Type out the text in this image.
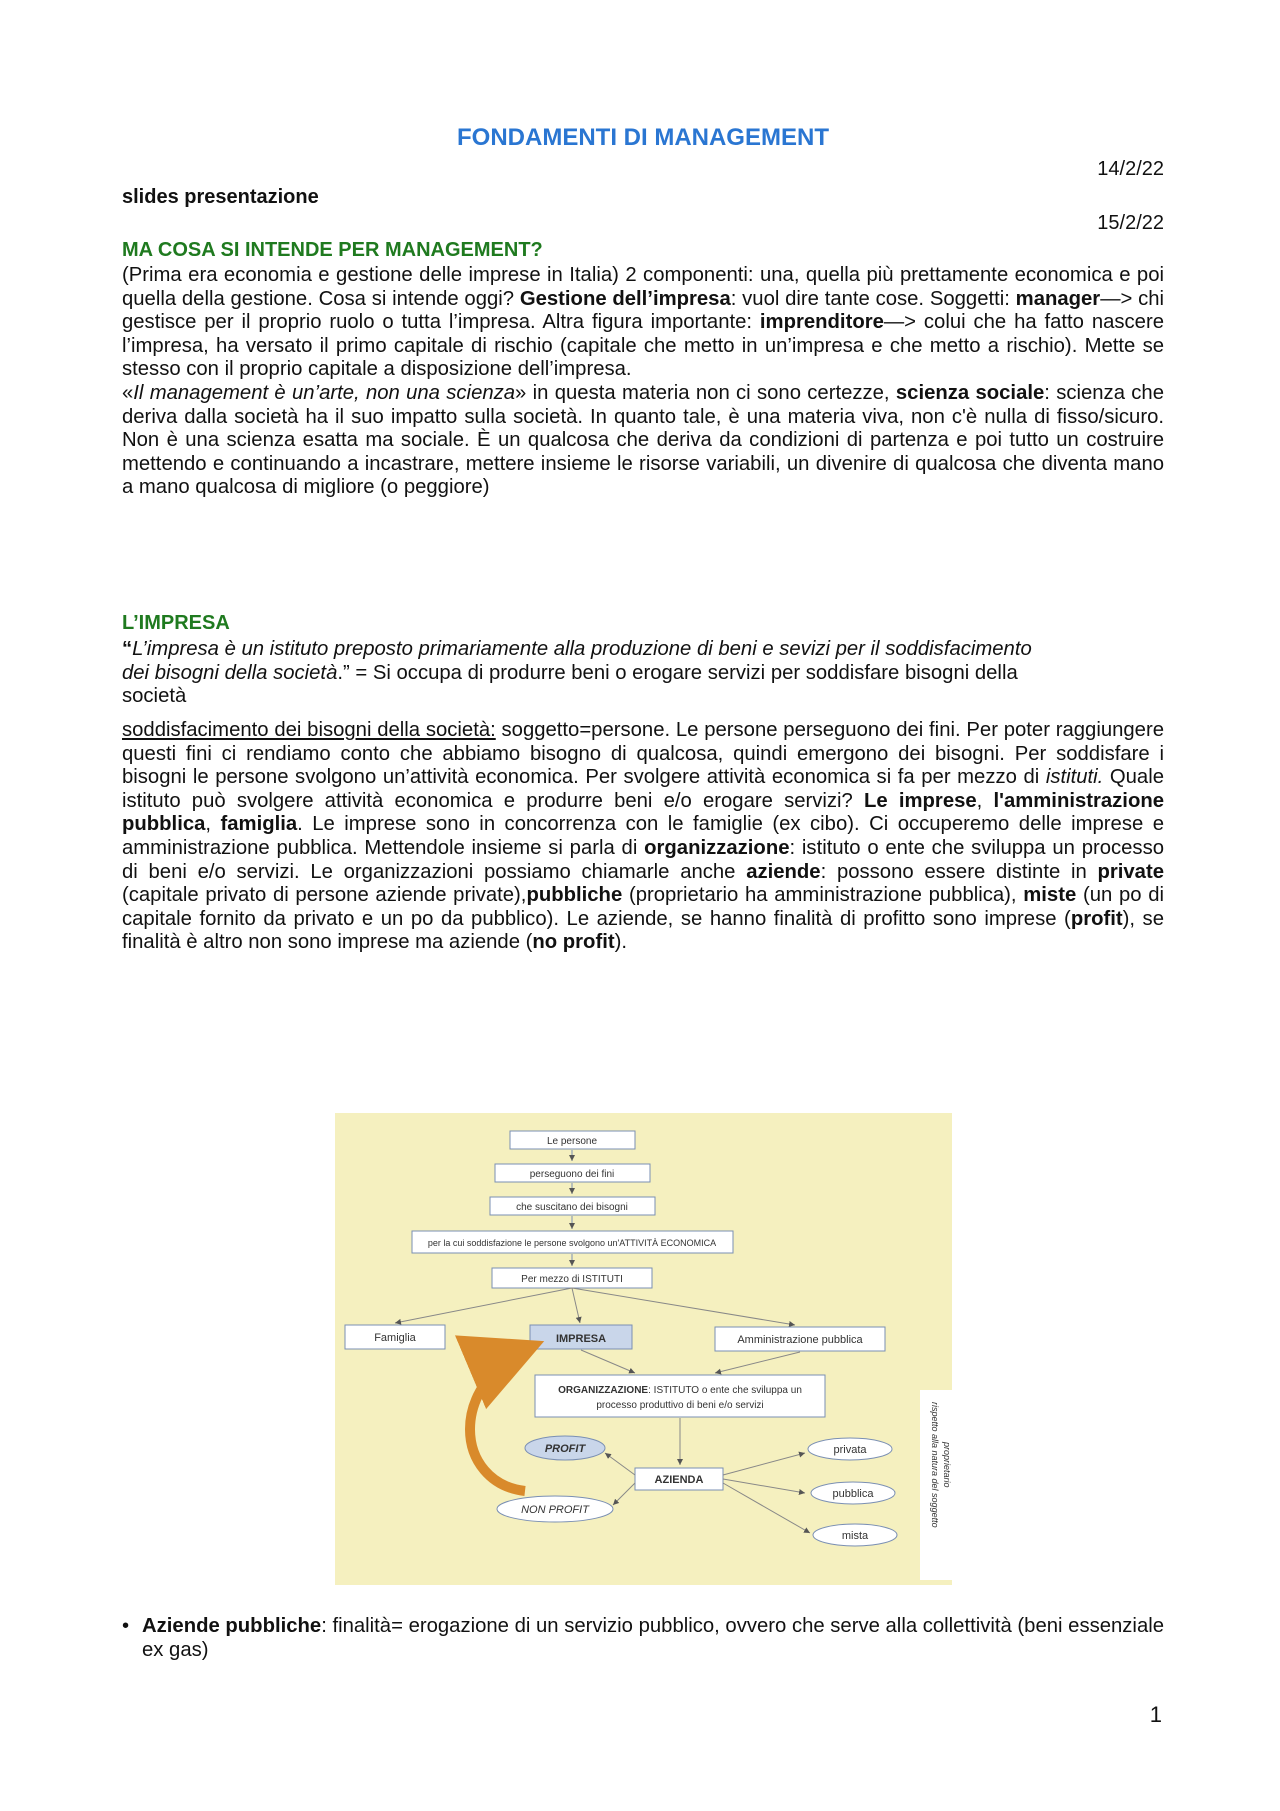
FONDAMENTI DI MANAGEMENT
14/2/22
slides presentazione
15/2/22
MA COSA SI INTENDE PER MANAGEMENT?

(Prima era economia e gestione delle imprese in Italia) 2 componenti: una, quella più prettamente economica e poi quella della gestione. Cosa si intende oggi? Gestione dell’impresa: vuol dire tante cose. Soggetti: manager—> chi gestisce per il proprio ruolo o tutta l’impresa. Altra figura importante: imprenditore—> colui che ha fatto nascere l’impresa, ha versato il primo capitale di rischio (capitale che metto in un’impresa e che metto a rischio). Mette se stesso con il proprio capitale a disposizione dell’impresa.

«Il management è un’arte, non una scienza» in questa materia non ci sono certezze, scienza sociale: scienza che deriva dalla società ha il suo impatto sulla società. In quanto tale, è una materia viva, non c'è nulla di fisso/sicuro. Non è una scienza esatta ma sociale. È un qualcosa che deriva da condizioni di partenza e poi tutto un costruire mettendo e continuando a incastrare, mettere insieme le risorse variabili, un divenire di qualcosa che diventa mano a mano qualcosa di migliore (o peggiore)

L’IMPRESA

“L’impresa è un istituto preposto primariamente alla produzione di beni e sevizi per il soddisfacimento dei bisogni della società.” = Si occupa di produrre beni o erogare servizi per soddisfare bisogni della società

soddisfacimento dei bisogni della società: soggetto=persone. Le persone perseguono dei fini. Per poter raggiungere questi fini ci rendiamo conto che abbiamo bisogno di qualcosa, quindi emergono dei bisogni. Per soddisfare i bisogni le persone svolgono un’attività economica. Per svolgere attività economica si fa per mezzo di istituti. Quale istituto può svolgere attività economica e produrre beni e/o erogare servizi? Le imprese, l'amministrazione pubblica, famiglia. Le imprese sono in concorrenza con le famiglie (ex cibo). Ci occuperemo delle imprese e amministrazione pubblica. Mettendole insieme si parla di organizzazione: istituto o ente che sviluppa un processo di beni e/o servizi. Le organizzazioni possiamo chiamarle anche aziende: possono essere distinte in private (capitale privato di persone aziende private),pubbliche (proprietario ha amministrazione pubblica), miste (un po di capitale fornito da privato e un po da pubblico). Le aziende, se hanno finalità di profitto sono imprese (profit), se finalità è altro non sono imprese ma aziende (no profit).

Le persone
perseguono dei fini
che suscitano dei bisogni
per la cui soddisfazione le persone svolgono un'ATTIVITÀ ECONOMICA
Per mezzo di ISTITUTI
Famiglia	IMPRESA	Amministrazione pubblica
ORGANIZZAZIONE: ISTITUTO o ente che sviluppa un
processo produttivo di beni e/o servizi
AZIENDA
PROFIT
NON PROFIT
privata
pubblica
mista
rispetto alla natura del soggetto proprietario
• Aziende pubbliche: finalità= erogazione di un servizio pubblico, ovvero che serve alla collettività (beni essenziale ex gas)
1
